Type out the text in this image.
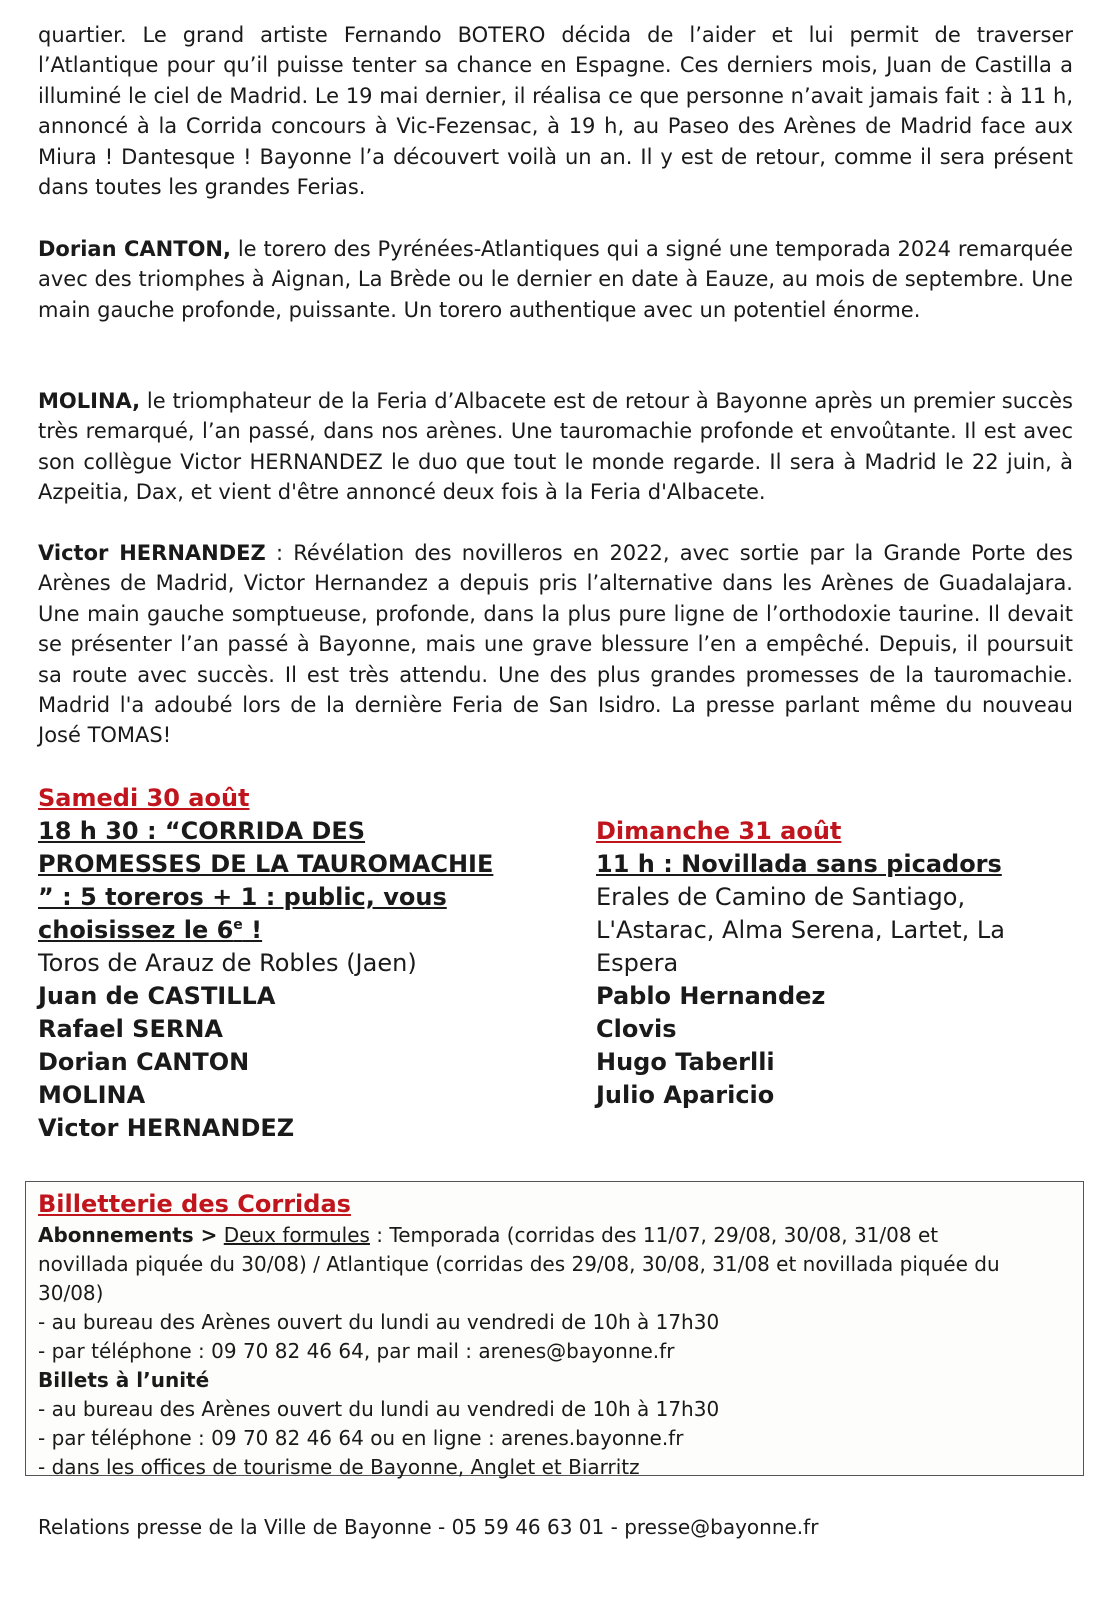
quartier. Le grand artiste Fernando BOTERO décida de l’aider et lui permit de traverser l’Atlantique pour qu’il puisse tenter sa chance en Espagne. Ces derniers mois, Juan de Castilla a illuminé le ciel de Madrid. Le 19 mai dernier, il réalisa ce que personne n’avait jamais fait : à 11 h, annoncé à la Corrida concours à Vic-Fezensac, à 19 h, au Paseo des Arènes de Madrid face aux Miura ! Dantesque ! Bayonne l’a découvert voilà un an. Il y est de retour, comme il sera présent dans toutes les grandes Ferias.

Dorian CANTON, le torero des Pyrénées-Atlantiques qui a signé une temporada 2024 remarquée avec des triomphes à Aignan, La Brède ou le dernier en date à Eauze, au mois de septembre. Une main gauche profonde, puissante. Un torero authentique avec un potentiel énorme.

MOLINA, le triomphateur de la Feria d’Albacete est de retour à Bayonne après un premier succès très remarqué, l’an passé, dans nos arènes. Une tauromachie profonde et envoûtante. Il est avec son collègue Victor HERNANDEZ le duo que tout le monde regarde. Il sera à Madrid le 22 juin, à Azpeitia, Dax, et vient d'être annoncé deux fois à la Feria d'Albacete.

Victor HERNANDEZ : Révélation des novilleros en 2022, avec sortie par la Grande Porte des Arènes de Madrid, Victor Hernandez a depuis pris l’alternative dans les Arènes de Guadalajara. Une main gauche somptueuse, profonde, dans la plus pure ligne de l’orthodoxie taurine. Il devait se présenter l’an passé à Bayonne, mais une grave blessure l’en a empêché. Depuis, il poursuit sa route avec succès. Il est très attendu. Une des plus grandes promesses de la tauromachie. Madrid l'a adoubé lors de la dernière Feria de San Isidro. La presse parlant même du nouveau José TOMAS!

Samedi 30 août
18 h 30 : “CORRIDA DES
PROMESSES DE LA TAUROMACHIE
” : 5 toreros + 1 : public, vous
choisissez le 6e !
Toros de Arauz de Robles (Jaen)
Juan de CASTILLA
Rafael SERNA
Dorian CANTON
MOLINA
Victor HERNANDEZ
Dimanche 31 août
11 h : Novillada sans picadors
Erales de Camino de Santiago,
L'Astarac, Alma Serena, Lartet, La
Espera
Pablo Hernandez
Clovis
Hugo Taberlli
Julio Aparicio
Billetterie des Corridas
Abonnements > Deux formules : Temporada (corridas des 11/07, 29/08, 30/08, 31/08 et
novillada piquée du 30/08) / Atlantique (corridas des 29/08, 30/08, 31/08 et novillada piquée du
30/08)
- au bureau des Arènes ouvert du lundi au vendredi de 10h à 17h30
- par téléphone : 09 70 82 46 64, par mail : arenes@bayonne.fr
Billets à l’unité
- au bureau des Arènes ouvert du lundi au vendredi de 10h à 17h30
- par téléphone : 09 70 82 46 64 ou en ligne : arenes.bayonne.fr
- dans les offices de tourisme de Bayonne, Anglet et Biarritz
Relations presse de la Ville de Bayonne - 05 59 46 63 01 - presse@bayonne.fr
